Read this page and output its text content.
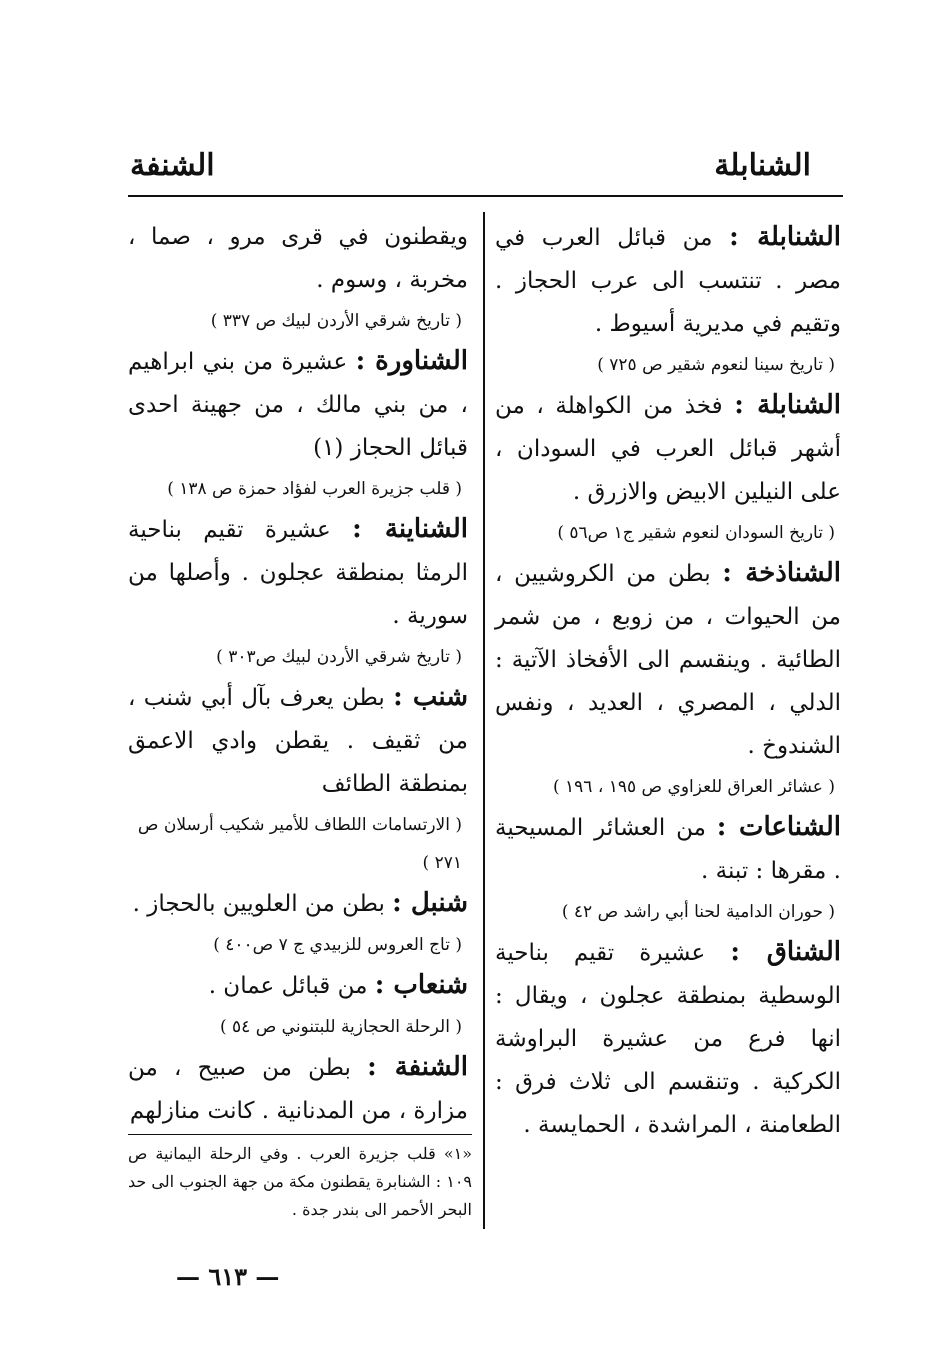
الشنابلة
الشنفة

الشنابلة : من قبائل العرب في مصر . تنتسب الى عرب الحجاز . وتقيم في مديرية أسيوط .
( تاريخ سينا لنعوم شقير ص ٧٢٥ )

الشنابلة : فخذ من الكواهلة ، من أشهر قبائل العرب في السودان ، على النيلين الابيض والازرق .
( تاريخ السودان لنعوم شقير ج١ ص٥٦ )

الشناذخة : بطن من الكروشيين ، من الحيوات ، من زوبع ، من شمر الطائية . وينقسم الى الأفخاذ الآتية : الدلي ، المصري ، العديد ، ونفس الشندوخ .
( عشائر العراق للعزاوي ص ١٩٥ ، ١٩٦ )

الشناعات : من العشائر المسيحية . مقرها : تبنة .
( حوران الدامية لحنا أبي راشد ص ٤٢ )

الشناق : عشيرة تقيم بناحية الوسطية بمنطقة عجلون ، ويقال : انها فرع من عشيرة البراوشة الكركية . وتنقسم الى ثلاث فرق : الطعامنة ، المراشدة ، الحمايسة .

ويقطنون في قرى مرو ، صما ، مخربة ، وسوم .
( تاريخ شرقي الأردن لبيك ص ٣٣٧ )

الشناورة : عشيرة من بني ابراهيم ، من بني مالك ، من جهينة احدى قبائل الحجاز (١)
( قلب جزيرة العرب لفؤاد حمزة ص ١٣٨ )

الشناينة : عشيرة تقيم بناحية الرمثا بمنطقة عجلون . وأصلها من سورية .
( تاريخ شرقي الأردن لبيك ص٣٠٣ )

شنب : بطن يعرف بآل أبي شنب ، من ثقيف . يقطن وادي الاعمق بمنطقة الطائف
( الارتسامات اللطاف للأمير شكيب أرسلان ص ٢٧١ )

شنبل : بطن من العلويين بالحجاز .
( تاج العروس للزبيدي ج ٧ ص٤٠٠ )

شنعاب : من قبائل عمان .
( الرحلة الحجازية للبتنوني ص ٥٤ )

الشنفة : بطن من صبيح ، من مزارة ، من المدنانية . كانت منازلهم

«١» قلب جزيرة العرب . وفي الرحلة اليمانية ص ١٠٩ : الشنابرة يقطنون مكة من جهة الجنوب الى حد البحر الأحمر الى بندر جدة .
— ٦١٣ —
